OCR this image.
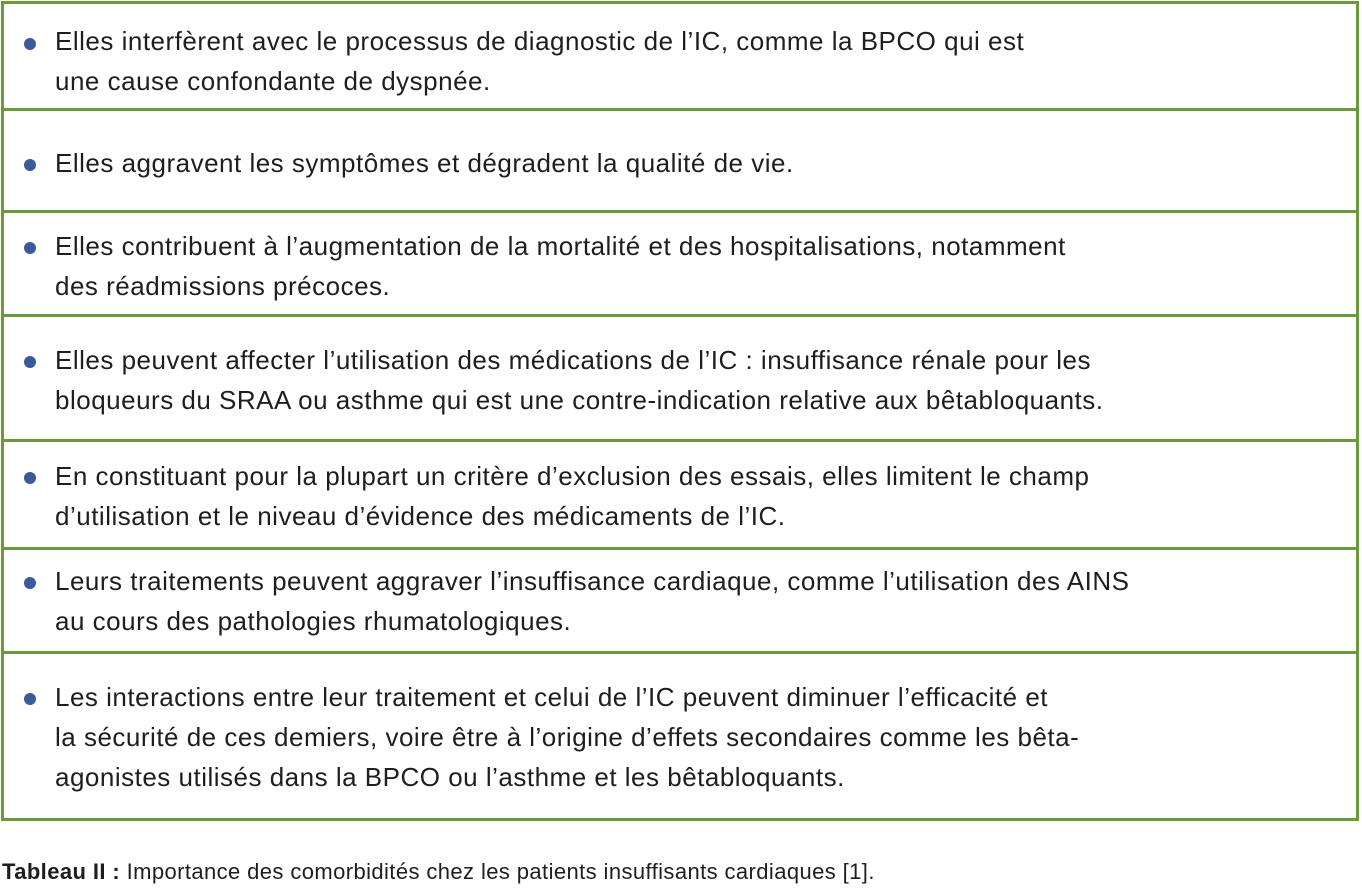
Elles interfèrent avec le processus de diagnostic de l’IC, comme la BPCO qui est
une cause confondante de dyspnée.
Elles aggravent les symptômes et dégradent la qualité de vie.
Elles contribuent à l’augmentation de la mortalité et des hospitalisations, notamment
des réadmissions précoces.
Elles peuvent affecter l’utilisation des médications de l’IC : insuffisance rénale pour les
bloqueurs du SRAA ou asthme qui est une contre-indication relative aux bêtabloquants.
En constituant pour la plupart un critère d’exclusion des essais, elles limitent le champ
d’utilisation et le niveau d’évidence des médicaments de l’IC.
Leurs traitements peuvent aggraver l’insuffisance cardiaque, comme l’utilisation des AINS
au cours des pathologies rhumatologiques.
Les interactions entre leur traitement et celui de l’IC peuvent diminuer l’efficacité et
la sécurité de ces demiers, voire être à l’origine d’effets secondaires comme les bêta-
agonistes utilisés dans la BPCO ou l’asthme et les bêtabloquants.
Tableau II : Importance des comorbidités chez les patients insuffisants cardiaques [1].
